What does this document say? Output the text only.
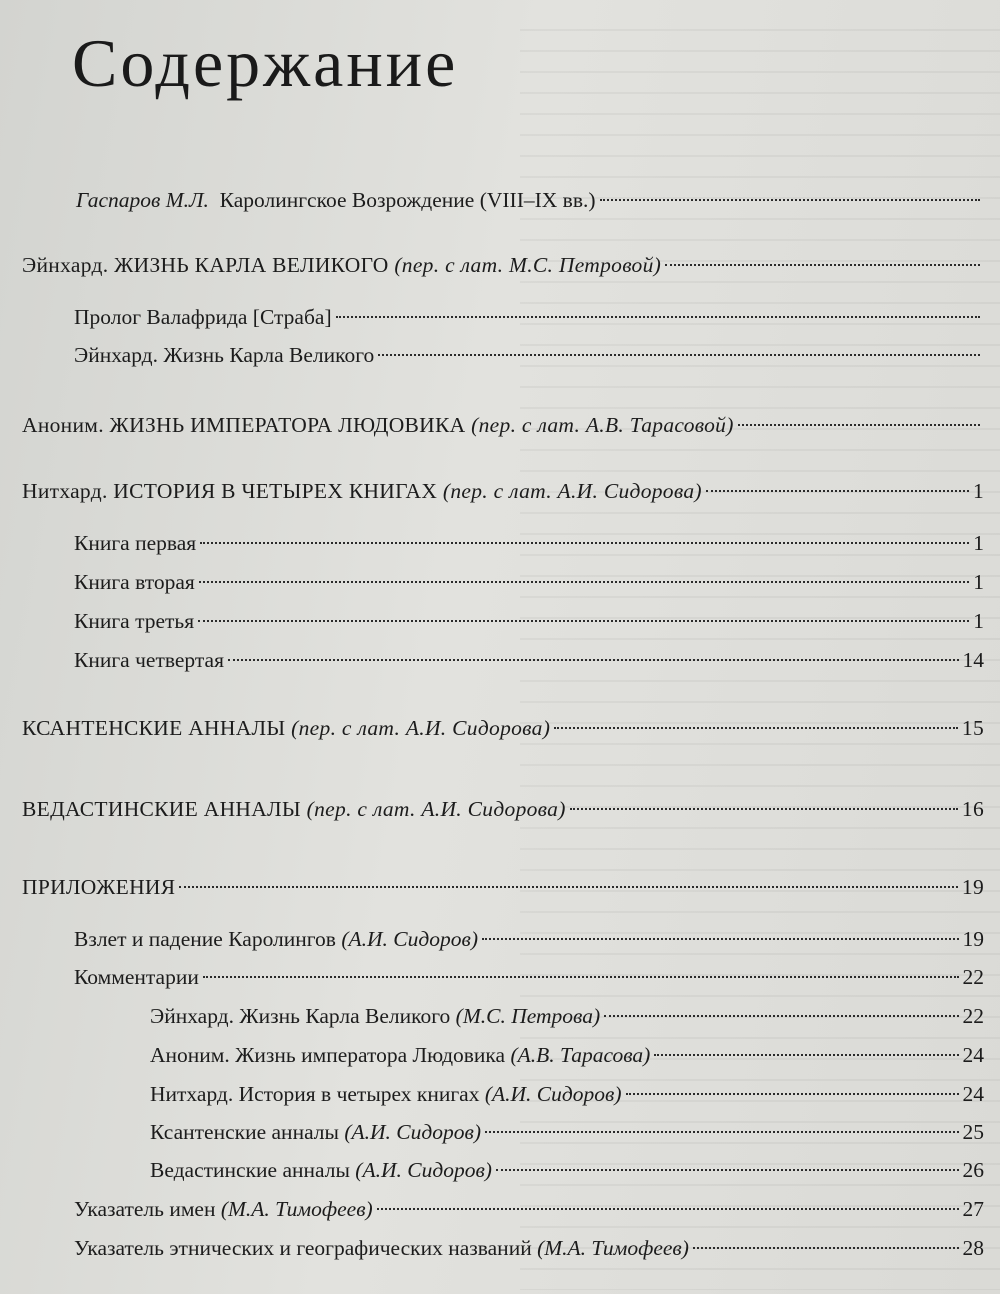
Содержание
Гаспаров М.Л. Каролингское Возрождение (VIII–IX вв.)
Эйнхард. ЖИЗНЬ КАРЛА ВЕЛИКОГО (пер. с лат. М.С. Петровой)
Пролог Валафрида [Страба]
Эйнхард. Жизнь Карла Великого
Аноним. ЖИЗНЬ ИМПЕРАТОРА ЛЮДОВИКА (пер. с лат. А.В. Тарасовой)
Нитхард. ИСТОРИЯ В ЧЕТЫРЕХ КНИГАХ (пер. с лат. А.И. Сидорова)	1
Книга первая	1
Книга вторая	1
Книга третья	1
Книга четвертая	14
КСАНТЕНСКИЕ АННАЛЫ (пер. с лат. А.И. Сидорова)	15
ВЕДАСТИНСКИЕ АННАЛЫ (пер. с лат. А.И. Сидорова)	16
ПРИЛОЖЕНИЯ	19
Взлет и падение Каролингов (А.И. Сидоров)	19
Комментарии	22
Эйнхард. Жизнь Карла Великого (М.С. Петрова)	22
Аноним. Жизнь императора Людовика (А.В. Тарасова)	24
Нитхард. История в четырех книгах (А.И. Сидоров)	24
Ксантенские анналы (А.И. Сидоров)	25
Ведастинские анналы (А.И. Сидоров)	26
Указатель имен (М.А. Тимофеев)	27
Указатель этнических и географических названий (М.А. Тимофеев)	28
